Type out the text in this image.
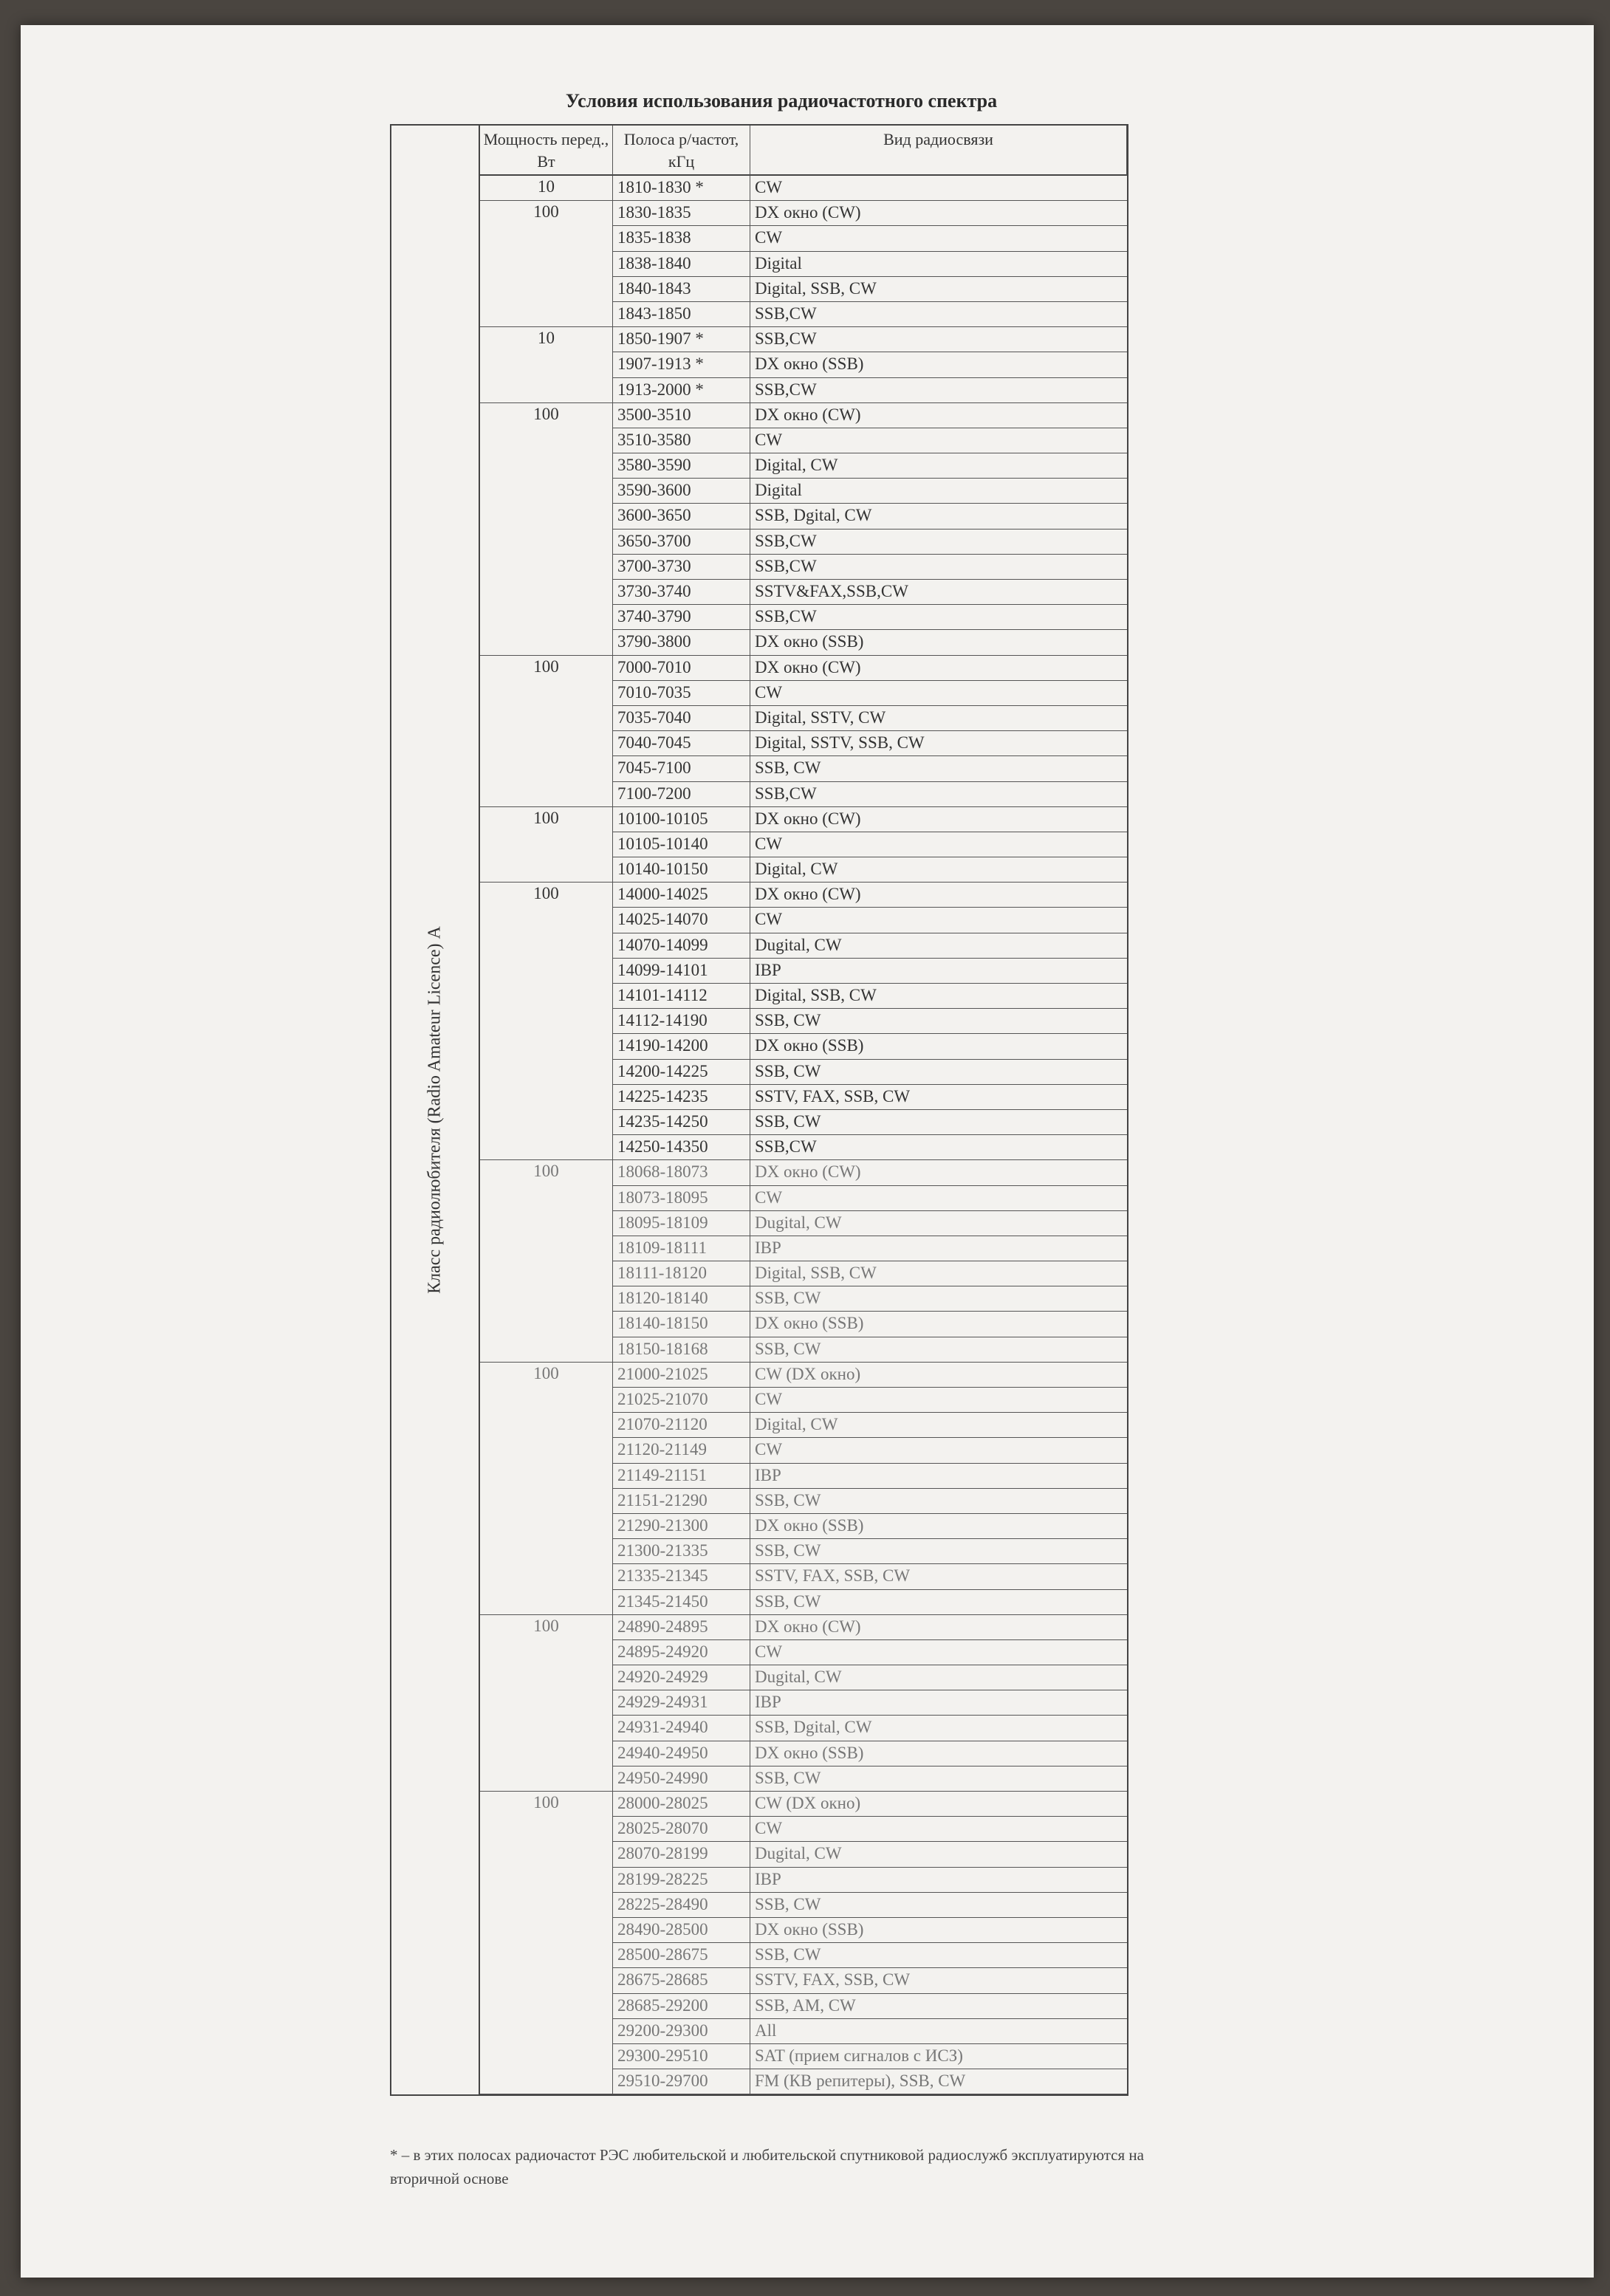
Условия использования радиочастотного спектра
Класс радиолюбителя (Radio Amateur Licence) A
Мощность перед., Вт
Полоса р/частот, кГц
Вид радиосвязи
10	1810-1830 *	CW
100	1830-1835	DX окно (CW)
1835-1838	CW
1838-1840	Digital
1840-1843	Digital, SSB, CW
1843-1850	SSB,CW
10	1850-1907 *	SSB,CW
1907-1913 *	DX окно (SSB)
1913-2000 *	SSB,CW
100	3500-3510	DX окно (CW)
3510-3580	CW
3580-3590	Digital, CW
3590-3600	Digital
3600-3650	SSB, Dgital, CW
3650-3700	SSB,CW
3700-3730	SSB,CW
3730-3740	SSTV&FAX,SSB,CW
3740-3790	SSB,CW
3790-3800	DX окно (SSB)
100	7000-7010	DX окно (CW)
7010-7035	CW
7035-7040	Digital, SSTV, CW
7040-7045	Digital, SSTV, SSB, CW
7045-7100	SSB, CW
7100-7200	SSB,CW
100	10100-10105	DX окно (CW)
10105-10140	CW
10140-10150	Digital, CW
100	14000-14025	DX окно (CW)
14025-14070	CW
14070-14099	Dugital, CW
14099-14101	IBP
14101-14112	Digital, SSB, CW
14112-14190	SSB, CW
14190-14200	DX окно (SSB)
14200-14225	SSB, CW
14225-14235	SSTV, FAX, SSB, CW
14235-14250	SSB, CW
14250-14350	SSB,CW
100	18068-18073	DX окно (CW)
18073-18095	CW
18095-18109	Dugital, CW
18109-18111	IBP
18111-18120	Digital, SSB, CW
18120-18140	SSB, CW
18140-18150	DX окно (SSB)
18150-18168	SSB, CW
100	21000-21025	CW (DX окно)
21025-21070	CW
21070-21120	Digital, CW
21120-21149	CW
21149-21151	IBP
21151-21290	SSB, CW
21290-21300	DX окно (SSB)
21300-21335	SSB, CW
21335-21345	SSTV, FAX, SSB, CW
21345-21450	SSB, CW
100	24890-24895	DX окно (CW)
24895-24920	CW
24920-24929	Dugital, CW
24929-24931	IBP
24931-24940	SSB, Dgital, CW
24940-24950	DX окно (SSB)
24950-24990	SSB, CW
100	28000-28025	CW (DX окно)
28025-28070	CW
28070-28199	Dugital, CW
28199-28225	IBP
28225-28490	SSB, CW
28490-28500	DX окно (SSB)
28500-28675	SSB, CW
28675-28685	SSTV, FAX, SSB, CW
28685-29200	SSB, AM, CW
29200-29300	All
29300-29510	SAT (прием сигналов с ИСЗ)
29510-29700	FM (КВ репитеры), SSB, CW
* – в этих полосах радиочастот РЭС любительской и любительской спутниковой радиослужб эксплуатируются на вторичной основе
